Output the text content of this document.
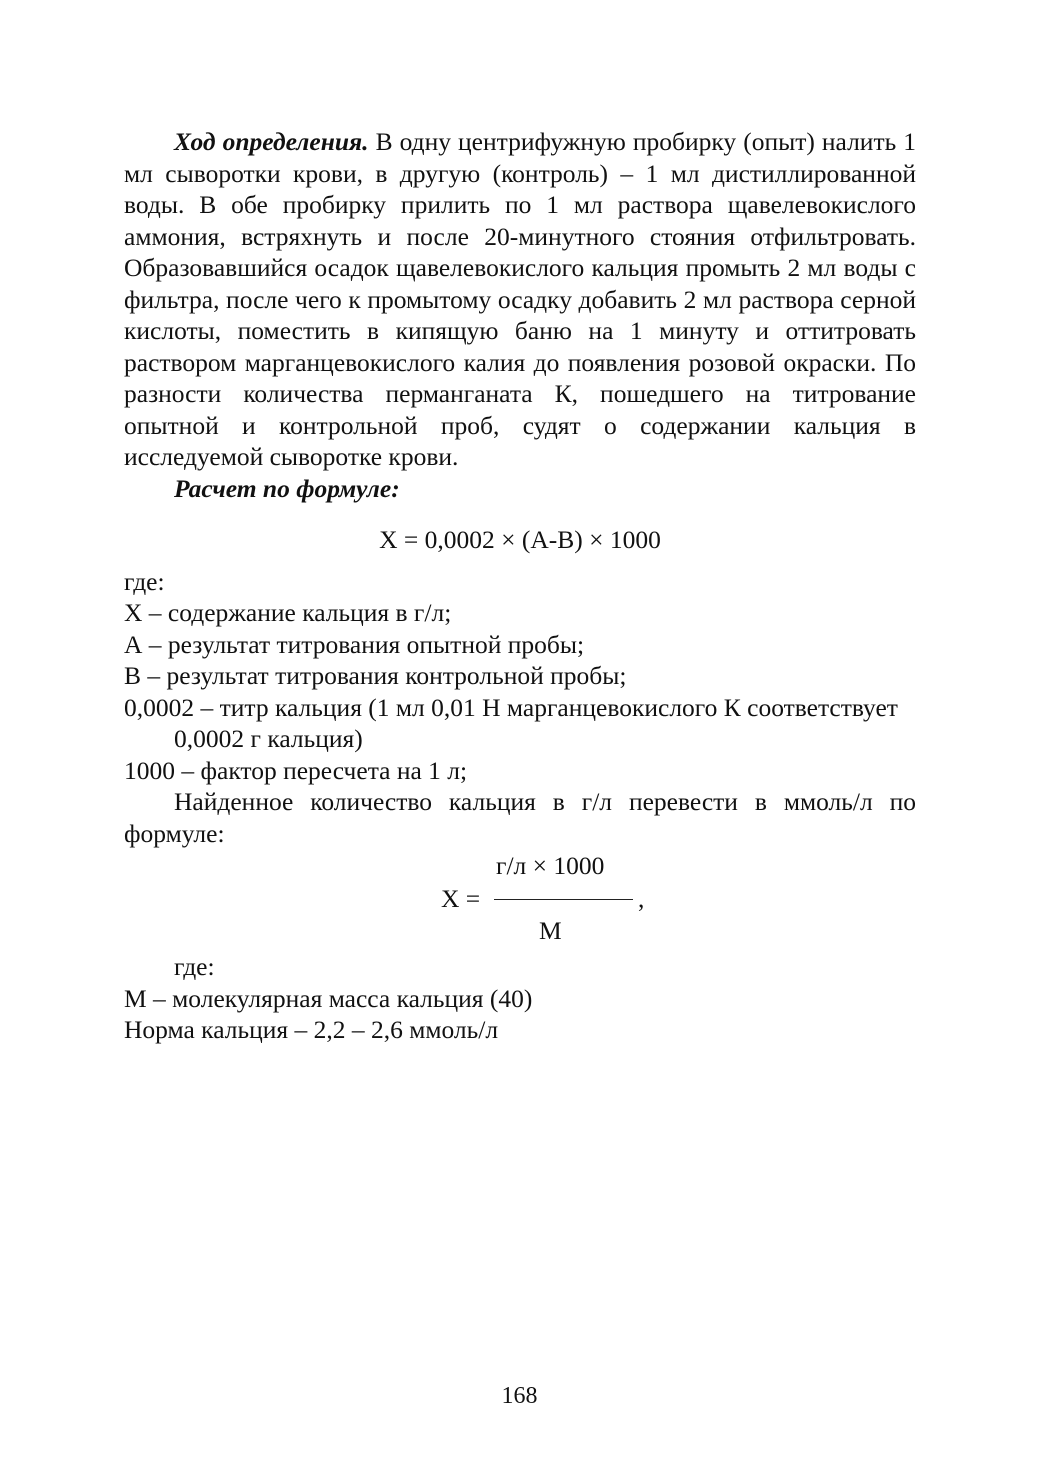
Ход определения. В одну центрифужную пробирку (опыт) налить 1 мл сыворотки крови, в другую (контроль) – 1 мл дистиллированной воды. В обе пробирку прилить по 1 мл раствора щавелевокислого аммония, встряхнуть и после 20-минутного стояния отфильтровать. Образовавшийся осадок щавелевокислого кальция промыть 2 мл воды с фильтра, после чего к промытому осадку добавить 2 мл раствора серной кислоты, поместить в кипящую баню на 1 минуту и оттитровать раствором марганцевокислого калия до появления розовой окраски. По разности количества перманганата К, пошедшего на титрование опытной и контрольной проб, судят о содержании кальция в исследуемой сыворотке крови.

Расчет по формуле:

Х = 0,0002 × (А-В) × 1000

где:

Х – содержание кальция в г/л;

А – результат титрования опытной пробы;

В – результат титрования контрольной пробы;

0,0002 – титр кальция (1 мл 0,01 Н марганцевокислого К соответствует 0,0002 г кальция)

1000 – фактор пересчета на 1 л;

Найденное количество кальция в г/л перевести в ммоль/л по формуле:

Х =
г/л × 1000
,
М

где:

М – молекулярная масса кальция (40)

Норма кальция – 2,2 – 2,6 ммоль/л

168
